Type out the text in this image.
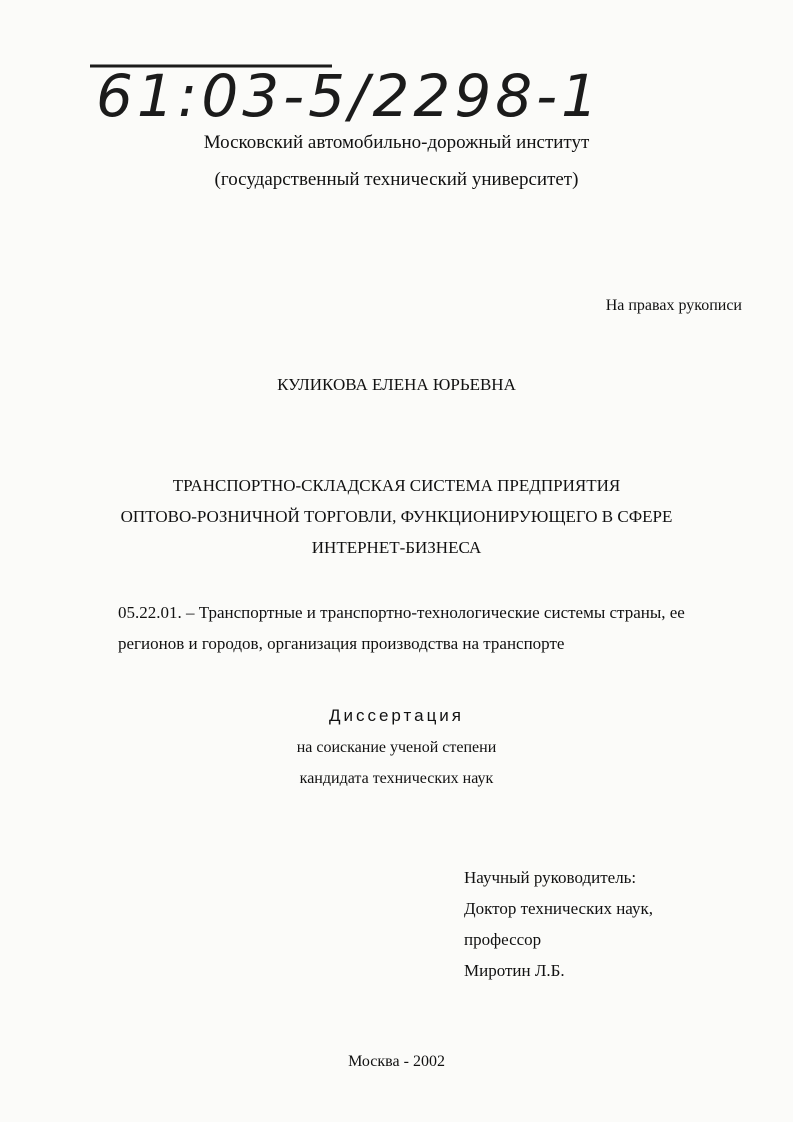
61:03-5/2298-1
Московский автомобильно-дорожный институт
(государственный технический университет)
На правах рукописи
КУЛИКОВА ЕЛЕНА ЮРЬЕВНА
ТРАНСПОРТНО-СКЛАДСКАЯ СИСТЕМА ПРЕДПРИЯТИЯ
ОПТОВО-РОЗНИЧНОЙ ТОРГОВЛИ, ФУНКЦИОНИРУЮЩЕГО В СФЕРЕ
ИНТЕРНЕТ-БИЗНЕСА
05.22.01. – Транспортные и транспортно-технологические системы страны, ее
регионов и городов, организация производства на транспорте
Диссертация
на соискание ученой степени
кандидата технических наук
Научный руководитель:
Доктор технических наук,
профессор
Миротин Л.Б.
Москва - 2002
